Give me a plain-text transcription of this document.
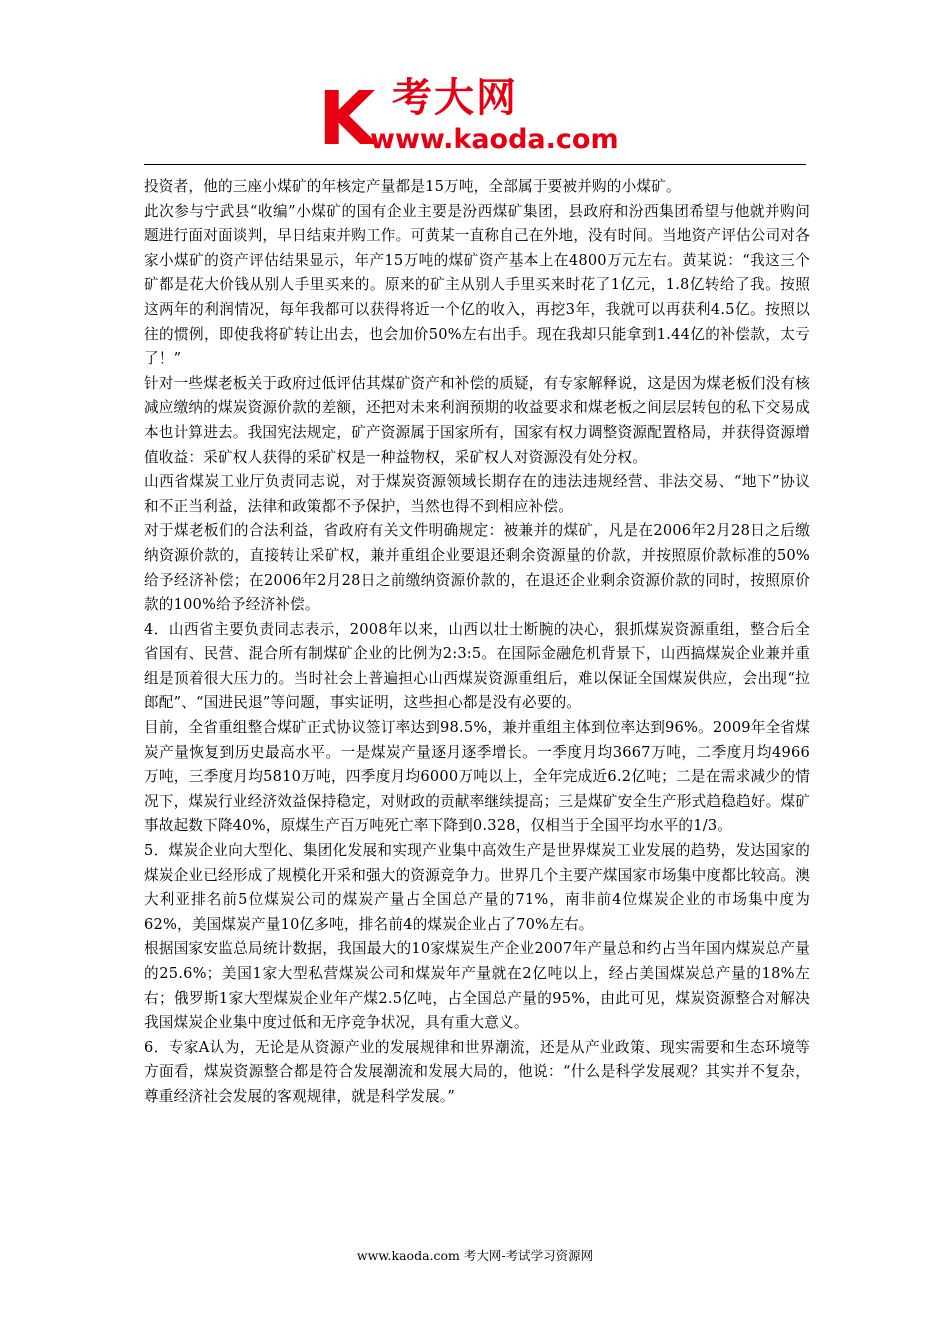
K 考大网
www.kaoda.com

投资者，他的三座小煤矿的年核定产量都是15万吨，全部属于要被并购的小煤矿。

此次参与宁武县“收编”小煤矿的国有企业主要是汾西煤矿集团，县政府和汾西集团希望与他就并购问题进行面对面谈判，早日结束并购工作。可黄某一直称自己在外地，没有时间。当地资产评估公司对各家小煤矿的资产评估结果显示，年产15万吨的煤矿资产基本上在4800万元左右。黄某说：“我这三个矿都是花大价钱从别人手里买来的。原来的矿主从别人手里买来时花了1亿元，1.8亿转给了我。按照这两年的利润情况，每年我都可以获得将近一个亿的收入，再挖3年，我就可以再获利4.5亿。按照以往的惯例，即使我将矿转让出去，也会加价50%左右出手。现在我却只能拿到1.44亿的补偿款，太亏了！”

针对一些煤老板关于政府过低评估其煤矿资产和补偿的质疑，有专家解释说，这是因为煤老板们没有核减应缴纳的煤炭资源价款的差额，还把对未来利润预期的收益要求和煤老板之间层层转包的私下交易成本也计算进去。我国宪法规定，矿产资源属于国家所有，国家有权力调整资源配置格局，并获得资源增值收益：采矿权人获得的采矿权是一种益物权，采矿权人对资源没有处分权。

山西省煤炭工业厅负责同志说，对于煤炭资源领域长期存在的违法违规经营、非法交易、“地下”协议和不正当利益，法律和政策都不予保护，当然也得不到相应补偿。

对于煤老板们的合法利益，省政府有关文件明确规定：被兼并的煤矿，凡是在2006年2月28日之后缴纳资源价款的，直接转让采矿权，兼并重组企业要退还剩余资源量的价款，并按照原价款标准的50%给予经济补偿；在2006年2月28日之前缴纳资源价款的，在退还企业剩余资源价款的同时，按照原价款的100%给予经济补偿。

4．山西省主要负责同志表示，2008年以来，山西以壮士断腕的决心，狠抓煤炭资源重组，整合后全省国有、民营、混合所有制煤矿企业的比例为2:3:5。在国际金融危机背景下，山西搞煤炭企业兼并重组是顶着很大压力的。当时社会上普遍担心山西煤炭资源重组后，难以保证全国煤炭供应，会出现“拉郎配”、“国进民退”等问题，事实证明，这些担心都是没有必要的。

目前，全省重组整合煤矿正式协议签订率达到98.5%，兼并重组主体到位率达到96%。2009年全省煤炭产量恢复到历史最高水平。一是煤炭产量逐月逐季增长。一季度月均3667万吨，二季度月均4966万吨，三季度月均5810万吨，四季度月均6000万吨以上，全年完成近6.2亿吨；二是在需求减少的情况下，煤炭行业经济效益保持稳定，对财政的贡献率继续提高；三是煤矿安全生产形式趋稳趋好。煤矿事故起数下降40%，原煤生产百万吨死亡率下降到0.328，仅相当于全国平均水平的1/3。

5．煤炭企业向大型化、集团化发展和实现产业集中高效生产是世界煤炭工业发展的趋势，发达国家的煤炭企业已经形成了规模化开采和强大的资源竞争力。世界几个主要产煤国家市场集中度都比较高。澳大利亚排名前5位煤炭公司的煤炭产量占全国总产量的71%，南非前4位煤炭企业的市场集中度为62%，美国煤炭产量10亿多吨，排名前4的煤炭企业占了70%左右。

根据国家安监总局统计数据，我国最大的10家煤炭生产企业2007年产量总和约占当年国内煤炭总产量的25.6%；美国1家大型私营煤炭公司和煤炭年产量就在2亿吨以上，经占美国煤炭总产量的18%左右；俄罗斯1家大型煤炭企业年产煤2.5亿吨，占全国总产量的95%，由此可见，煤炭资源整合对解决我国煤炭企业集中度过低和无序竞争状况，具有重大意义。

6．专家A认为，无论是从资源产业的发展规律和世界潮流，还是从产业政策、现实需要和生态环境等方面看，煤炭资源整合都是符合发展潮流和发展大局的，他说：“什么是科学发展观？其实并不复杂，尊重经济社会发展的客观规律，就是科学发展。”

www.kaoda.com 考大网-考试学习资源网
